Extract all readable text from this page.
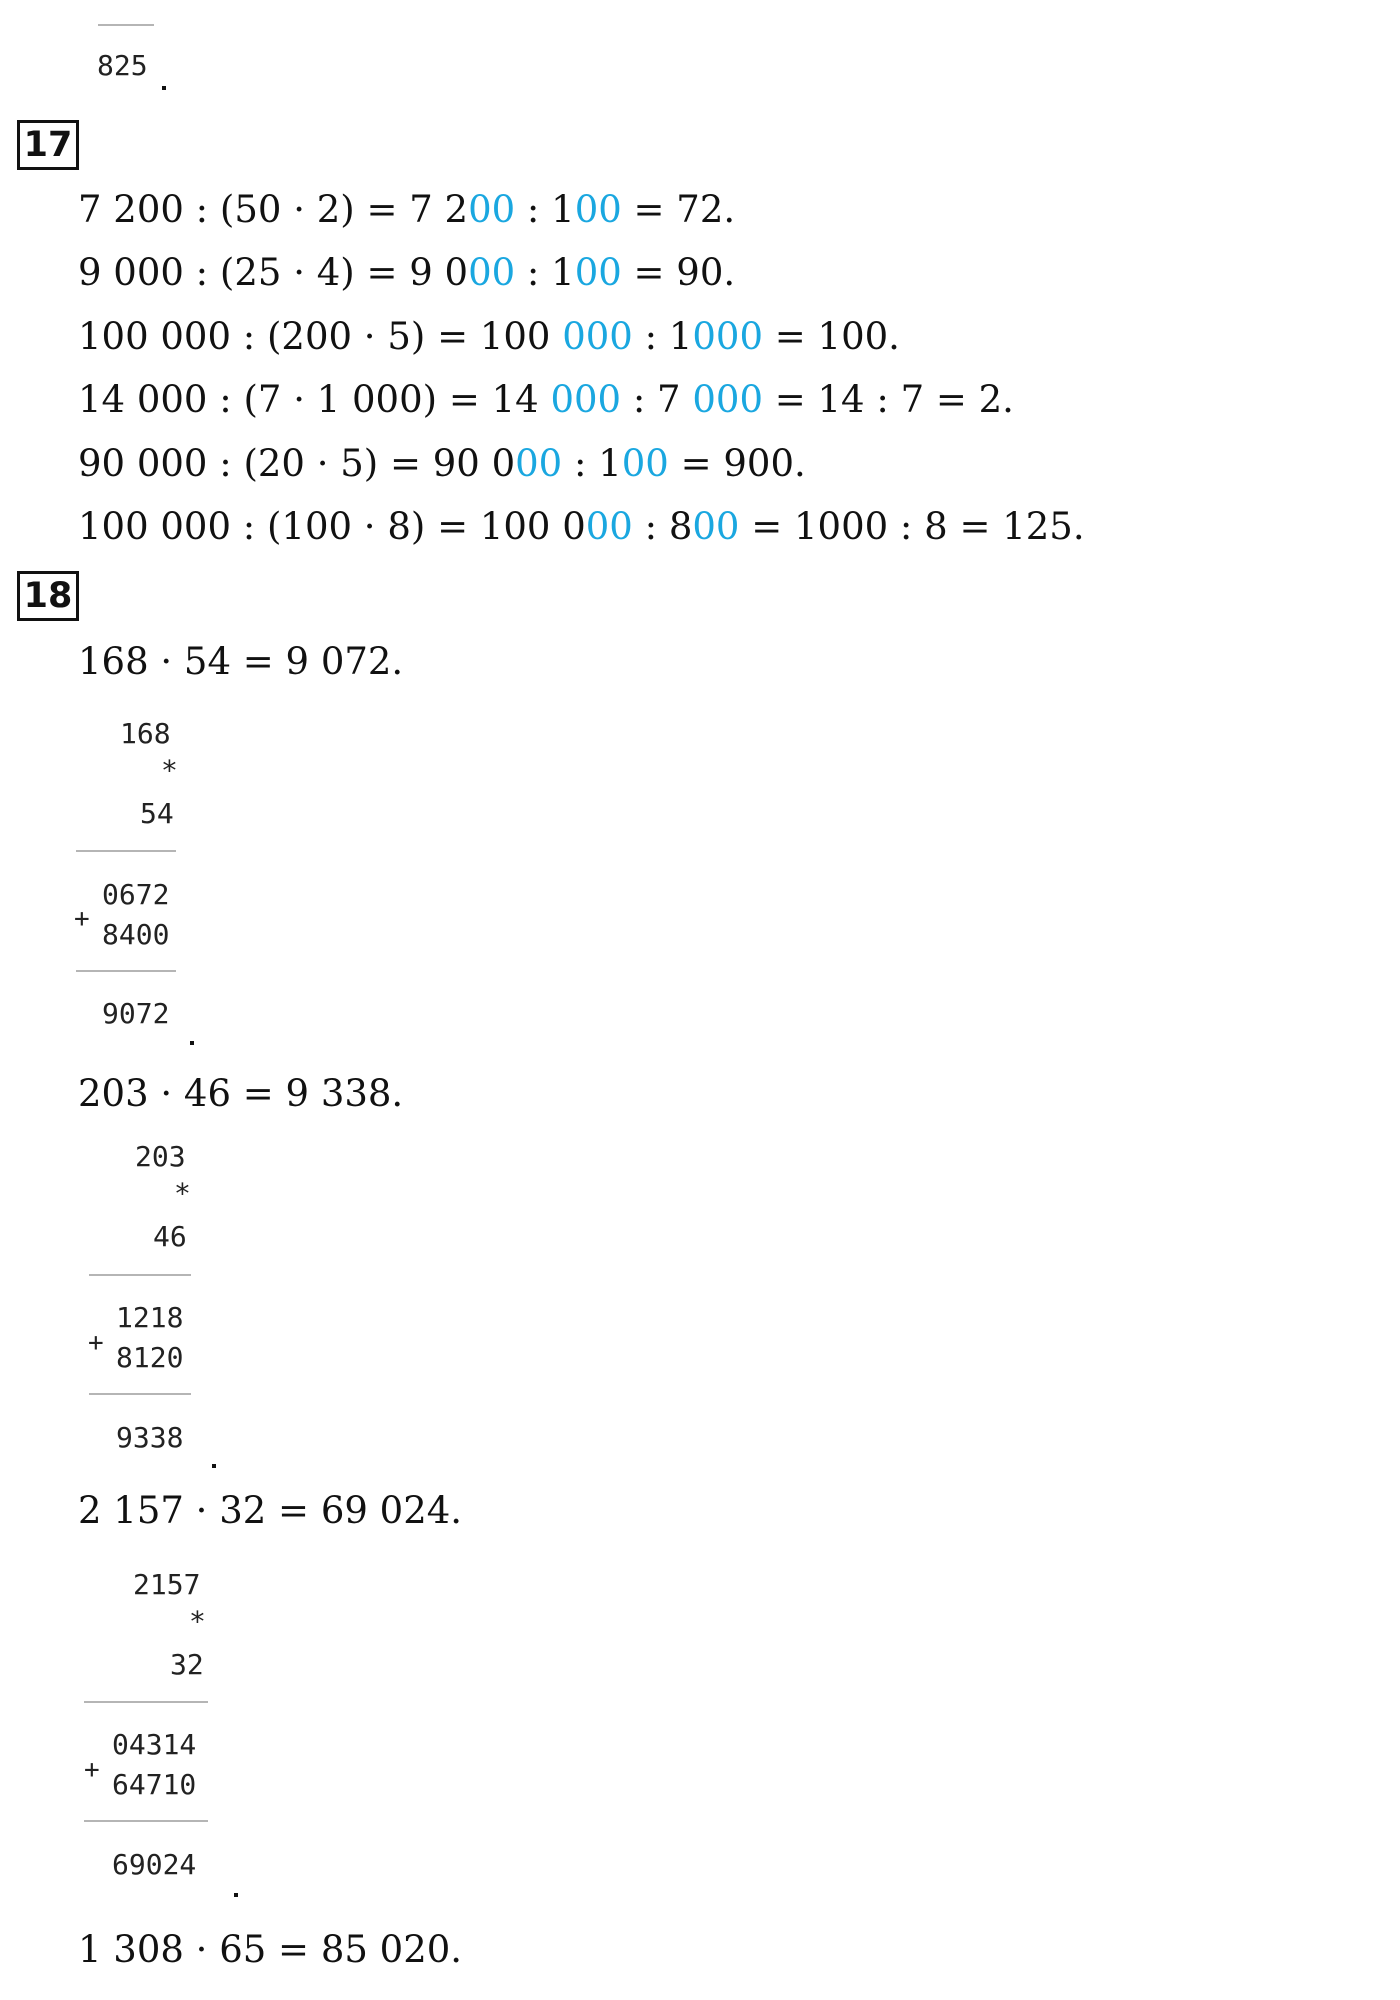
825
17
7 200 : (50 · 2) = 7 200 : 100 = 72.
9 000 : (25 · 4) = 9 000 : 100 = 90.
100 000 : (200 · 5) = 100 000 : 1000 = 100.
14 000 : (7 · 1 000) = 14 000 : 7 000 = 14 : 7 = 2.
90 000 : (20 · 5) = 90 000 : 100 = 900.
100 000 : (100 · 8) = 100 000 : 800 = 1000 : 8 = 125.
18
168 · 54 = 9 072.
168
*
54
+
0672
8400
9072
203 · 46 = 9 338.
203
*
46
+
1218
8120
9338
2 157 · 32 = 69 024.
2157
*
32
+
04314
64710
69024
1 308 · 65 = 85 020.
